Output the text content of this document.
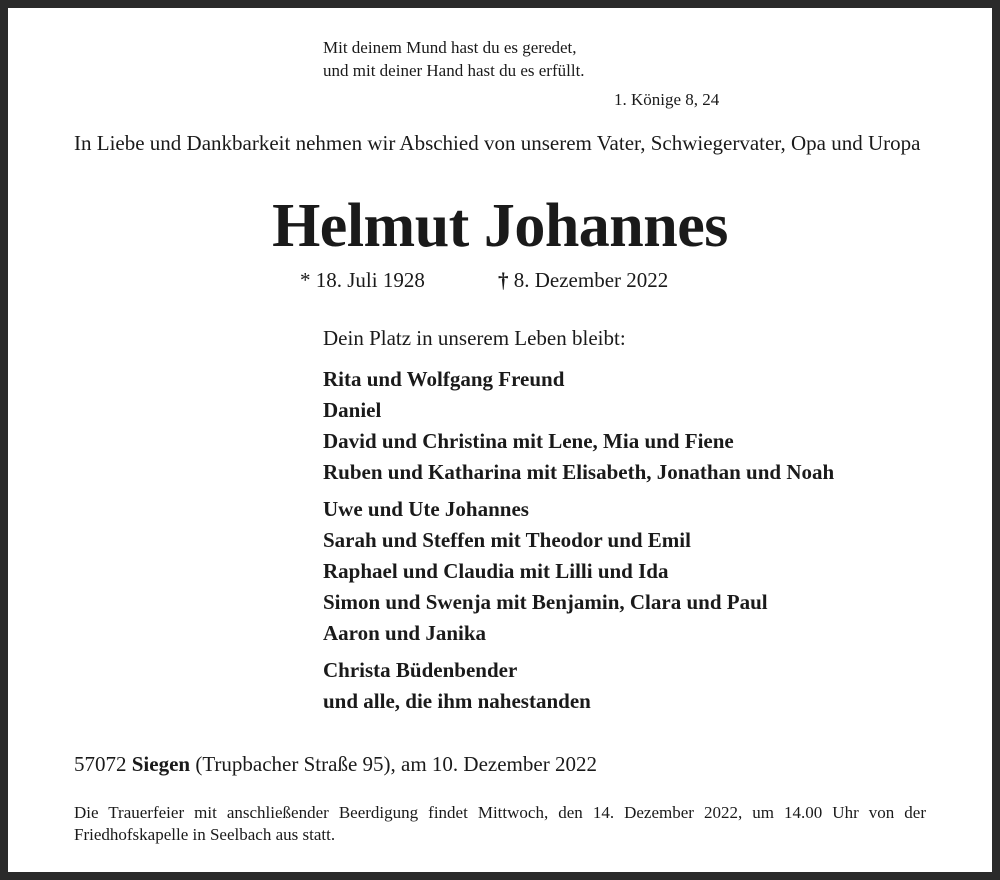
Mit deinem Mund hast du es geredet,
und mit deiner Hand hast du es erfüllt.
1. Könige 8, 24
In Liebe und Dankbarkeit nehmen wir Abschied von unserem Vater, Schwiegervater, Opa und Uropa
Helmut Johannes
* 18. Juli 1928	† 8. Dezember 2022
Dein Platz in unserem Leben bleibt:
Rita und Wolfgang Freund
Daniel
David und Christina mit Lene, Mia und Fiene
Ruben und Katharina mit Elisabeth, Jonathan und Noah
Uwe und Ute Johannes
Sarah und Steffen mit Theodor und Emil
Raphael und Claudia mit Lilli und Ida
Simon und Swenja mit Benjamin, Clara und Paul
Aaron und Janika
Christa Büdenbender
und alle, die ihm nahestanden
57072 Siegen (Trupbacher Straße 95), am 10. Dezember 2022
Die Trauerfeier mit anschließender Beerdigung findet Mittwoch, den 14. Dezember 2022, um 14.00 Uhr von der Friedhofskapelle in Seelbach aus statt.
